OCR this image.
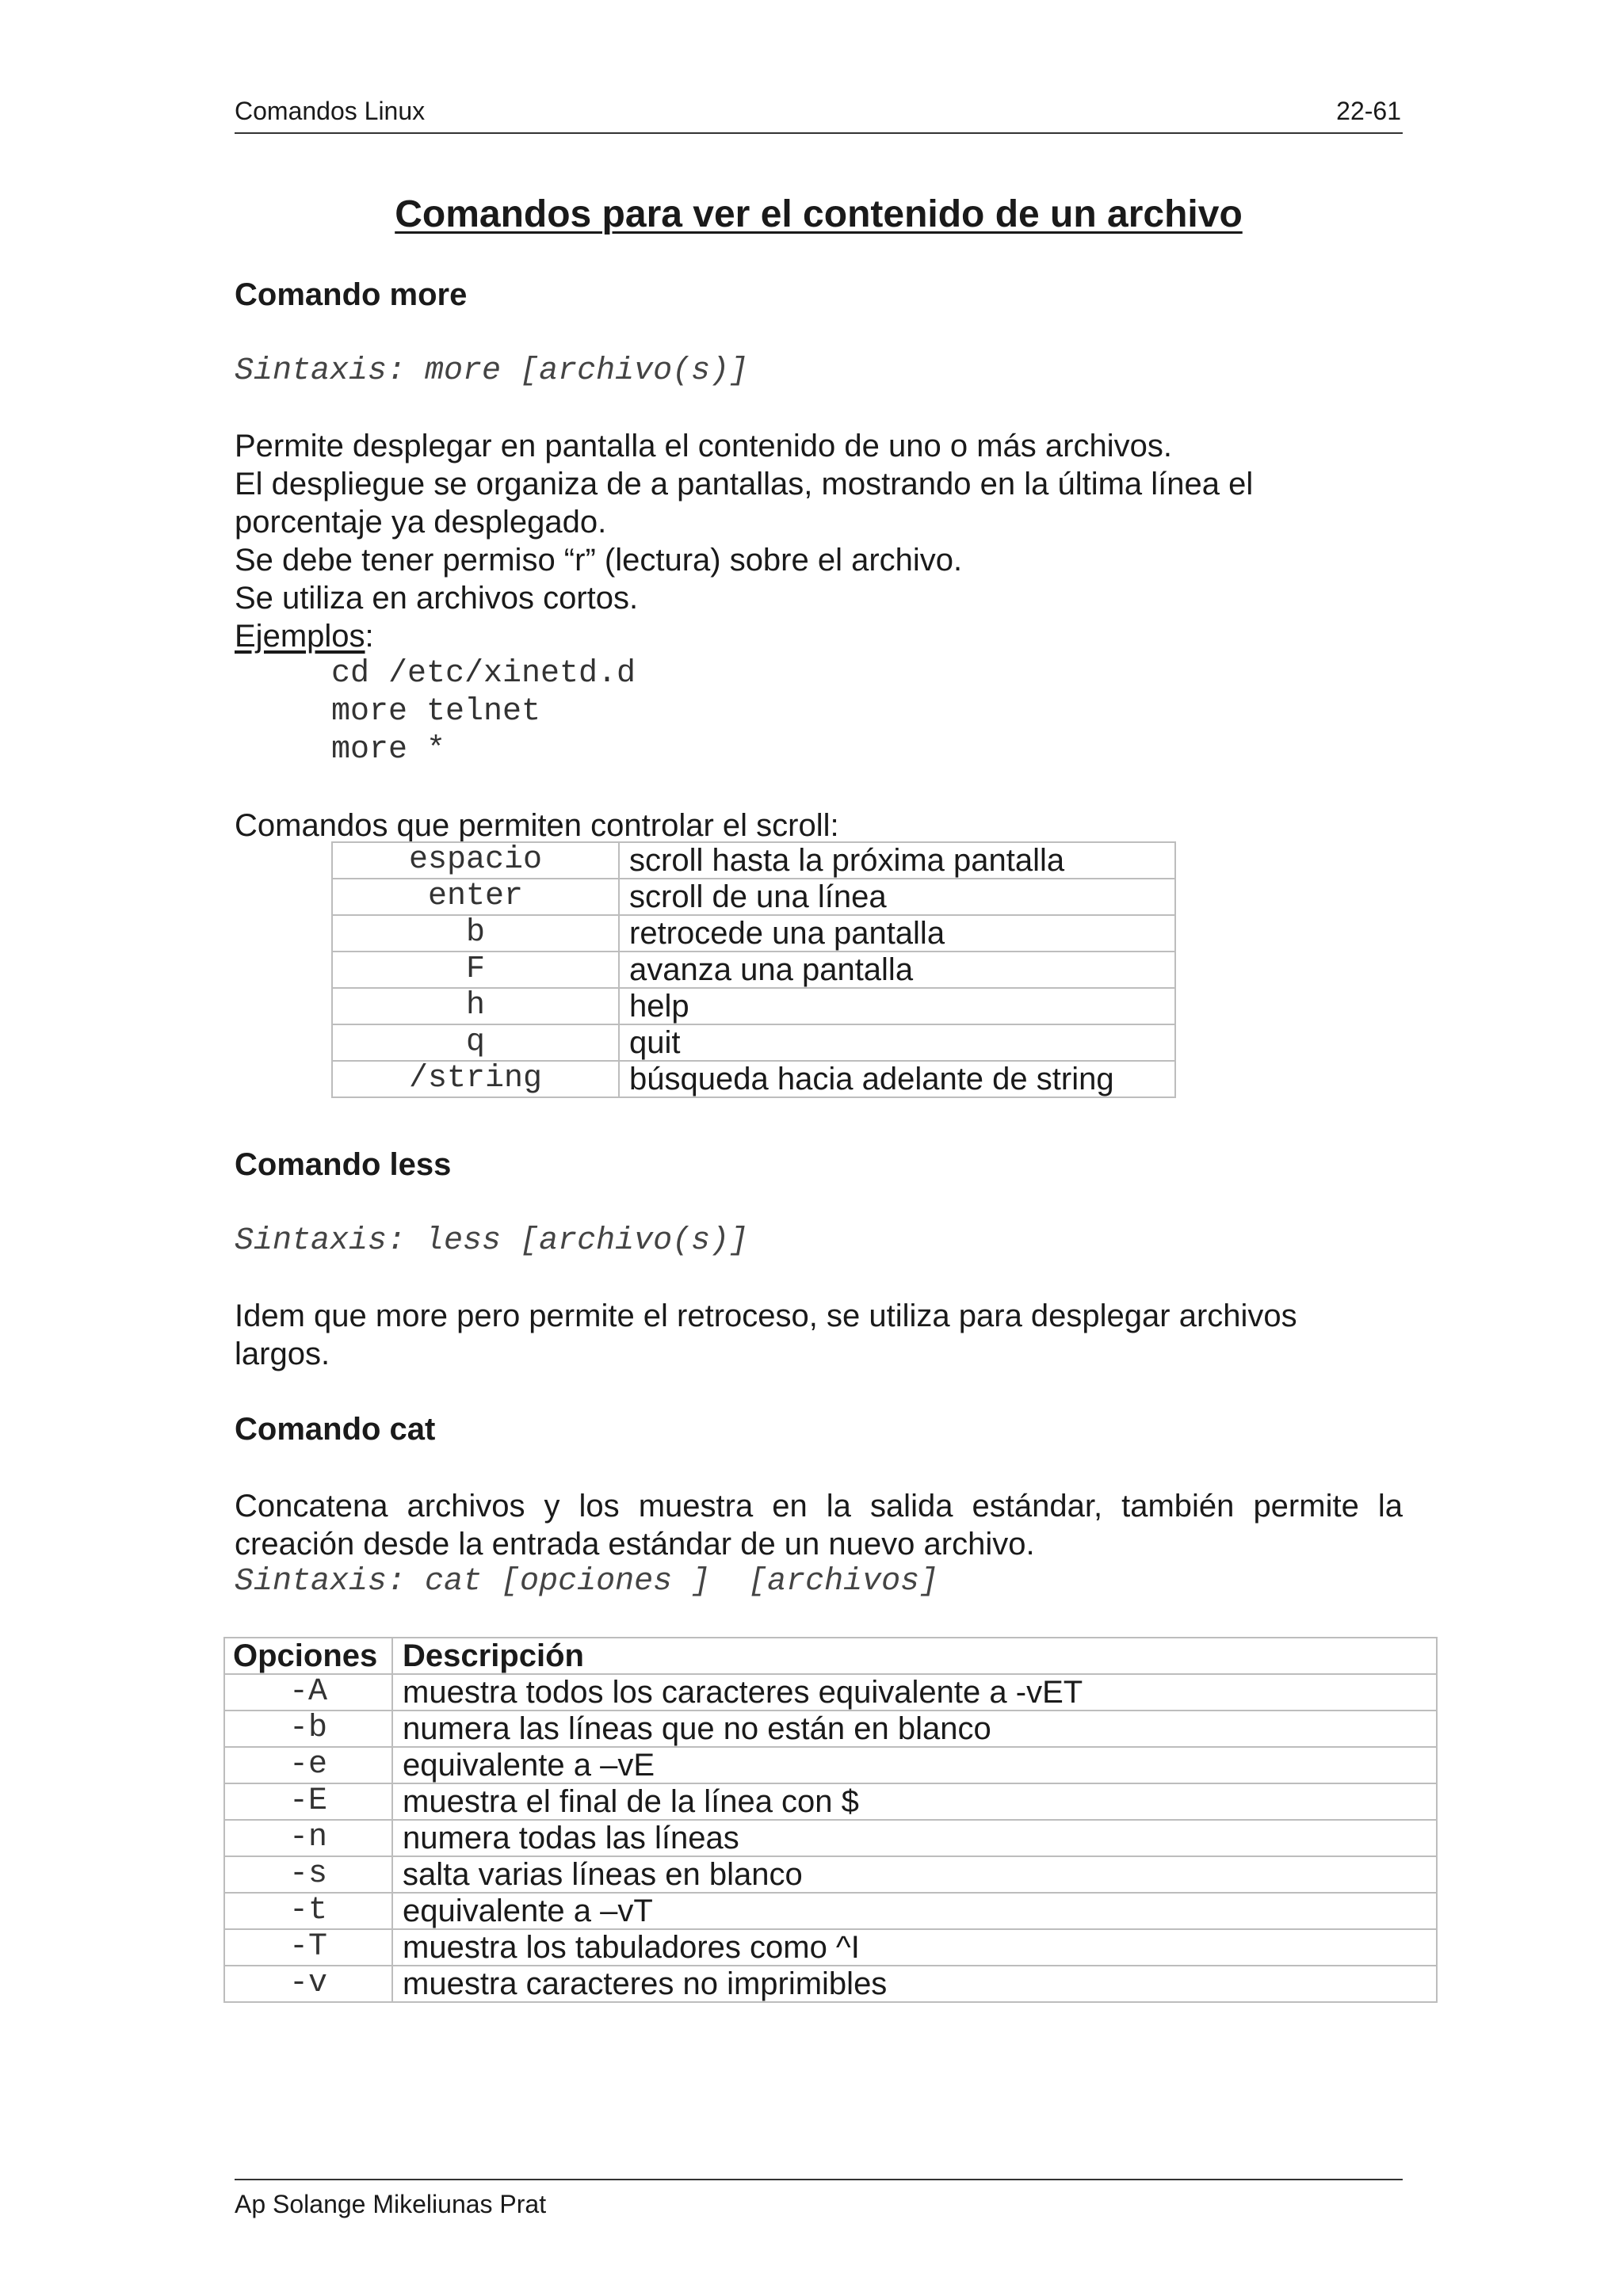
Comandos Linux	22-61
Comandos para ver el contenido de un archivo
Comando more
Sintaxis: more [archivo(s)]
Permite desplegar en pantalla el contenido de uno o más archivos.
El despliegue se organiza de a pantallas, mostrando en la última línea el
porcentaje ya desplegado.
Se debe tener permiso “r” (lectura) sobre el archivo.
Se utiliza en archivos cortos.
Ejemplos:
cd /etc/xinetd.d
more telnet
more *
Comandos que permiten controlar el scroll:
espacio	scroll hasta la próxima pantalla
enter	scroll de una línea
b	retrocede una pantalla
F	avanza una pantalla
h	help
q	quit
/string	búsqueda hacia adelante de string
Comando less
Sintaxis: less [archivo(s)]
Idem que more pero permite el retroceso, se utiliza para desplegar archivos
largos.
Comando cat
Concatena archivos y los muestra en la salida estándar, también permite la
creación desde la entrada estándar de un nuevo archivo.
Sintaxis: cat [opciones ]  [archivos]
Opciones	Descripción
-A	muestra todos los caracteres equivalente a -vET
-b	numera las líneas que no están en blanco
-e	equivalente a –vE
-E	muestra el final de la línea con $
-n	numera todas las líneas
-s	salta varias líneas en blanco
-t	equivalente a –vT
-T	muestra los tabuladores como ^I
-v	muestra caracteres no imprimibles
Ap Solange Mikeliunas Prat
